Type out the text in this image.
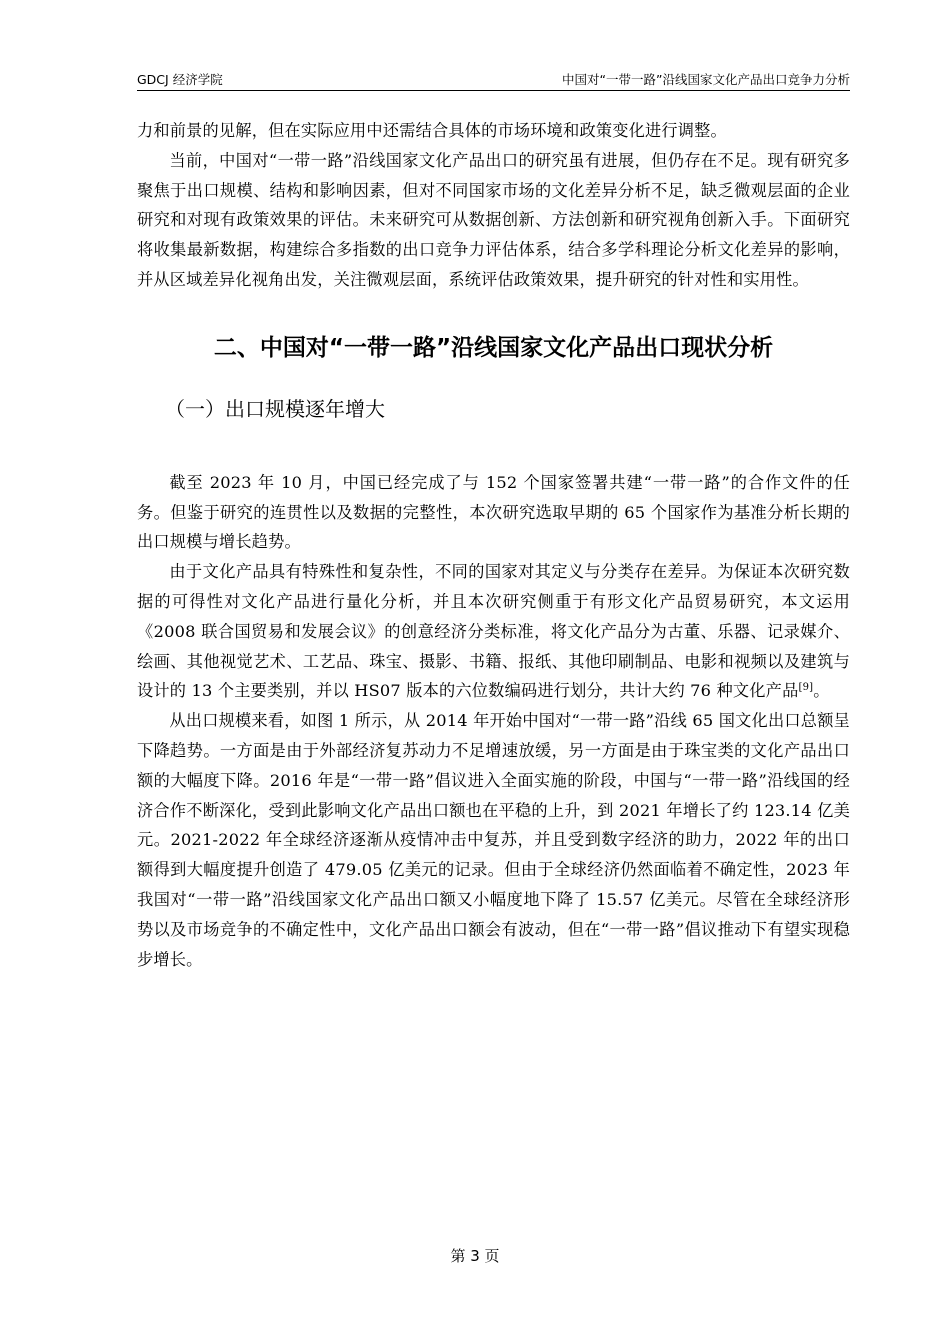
GDCJ 经济学院	中国对“一带一路”沿线国家文化产品出口竞争力分析

力和前景的见解，但在实际应用中还需结合具体的市场环境和政策变化进行调整。

当前，中国对“一带一路”沿线国家文化产品出口的研究虽有进展，但仍存在不足。现有研究多聚焦于出口规模、结构和影响因素，但对不同国家市场的文化差异分析不足，缺乏微观层面的企业研究和对现有政策效果的评估。未来研究可从数据创新、方法创新和研究视角创新入手。下面研究将收集最新数据，构建综合多指数的出口竞争力评估体系，结合多学科理论分析文化差异的影响，并从区域差异化视角出发，关注微观层面，系统评估政策效果，提升研究的针对性和实用性。

二、中国对“一带一路”沿线国家文化产品出口现状分析
（一）出口规模逐年增大

截至 2023 年 10 月，中国已经完成了与 152 个国家签署共建“一带一路”的合作文件的任务。但鉴于研究的连贯性以及数据的完整性，本次研究选取早期的 65 个国家作为基准分析长期的出口规模与增长趋势。

由于文化产品具有特殊性和复杂性，不同的国家对其定义与分类存在差异。为保证本次研究数据的可得性对文化产品进行量化分析，并且本次研究侧重于有形文化产品贸易研究，本文运用《2008 联合国贸易和发展会议》的创意经济分类标准，将文化产品分为古董、乐器、记录媒介、绘画、其他视觉艺术、工艺品、珠宝、摄影、书籍、报纸、其他印刷制品、电影和视频以及建筑与设计的 13 个主要类别，并以 HS07 版本的六位数编码进行划分，共计大约 76 种文化产品[9]。

从出口规模来看，如图 1 所示，从 2014 年开始中国对“一带一路”沿线 65 国文化出口总额呈下降趋势。一方面是由于外部经济复苏动力不足增速放缓，另一方面是由于珠宝类的文化产品出口额的大幅度下降。2016 年是“一带一路”倡议进入全面实施的阶段，中国与“一带一路”沿线国的经济合作不断深化，受到此影响文化产品出口额也在平稳的上升，到 2021 年增长了约 123.14 亿美元。2021-2022 年全球经济逐渐从疫情冲击中复苏，并且受到数字经济的助力，2022 年的出口额得到大幅度提升创造了 479.05 亿美元的记录。但由于全球经济仍然面临着不确定性，2023 年我国对“一带一路”沿线国家文化产品出口额又小幅度地下降了 15.57 亿美元。尽管在全球经济形势以及市场竞争的不确定性中，文化产品出口额会有波动，但在“一带一路”倡议推动下有望实现稳步增长。

第 3 页
